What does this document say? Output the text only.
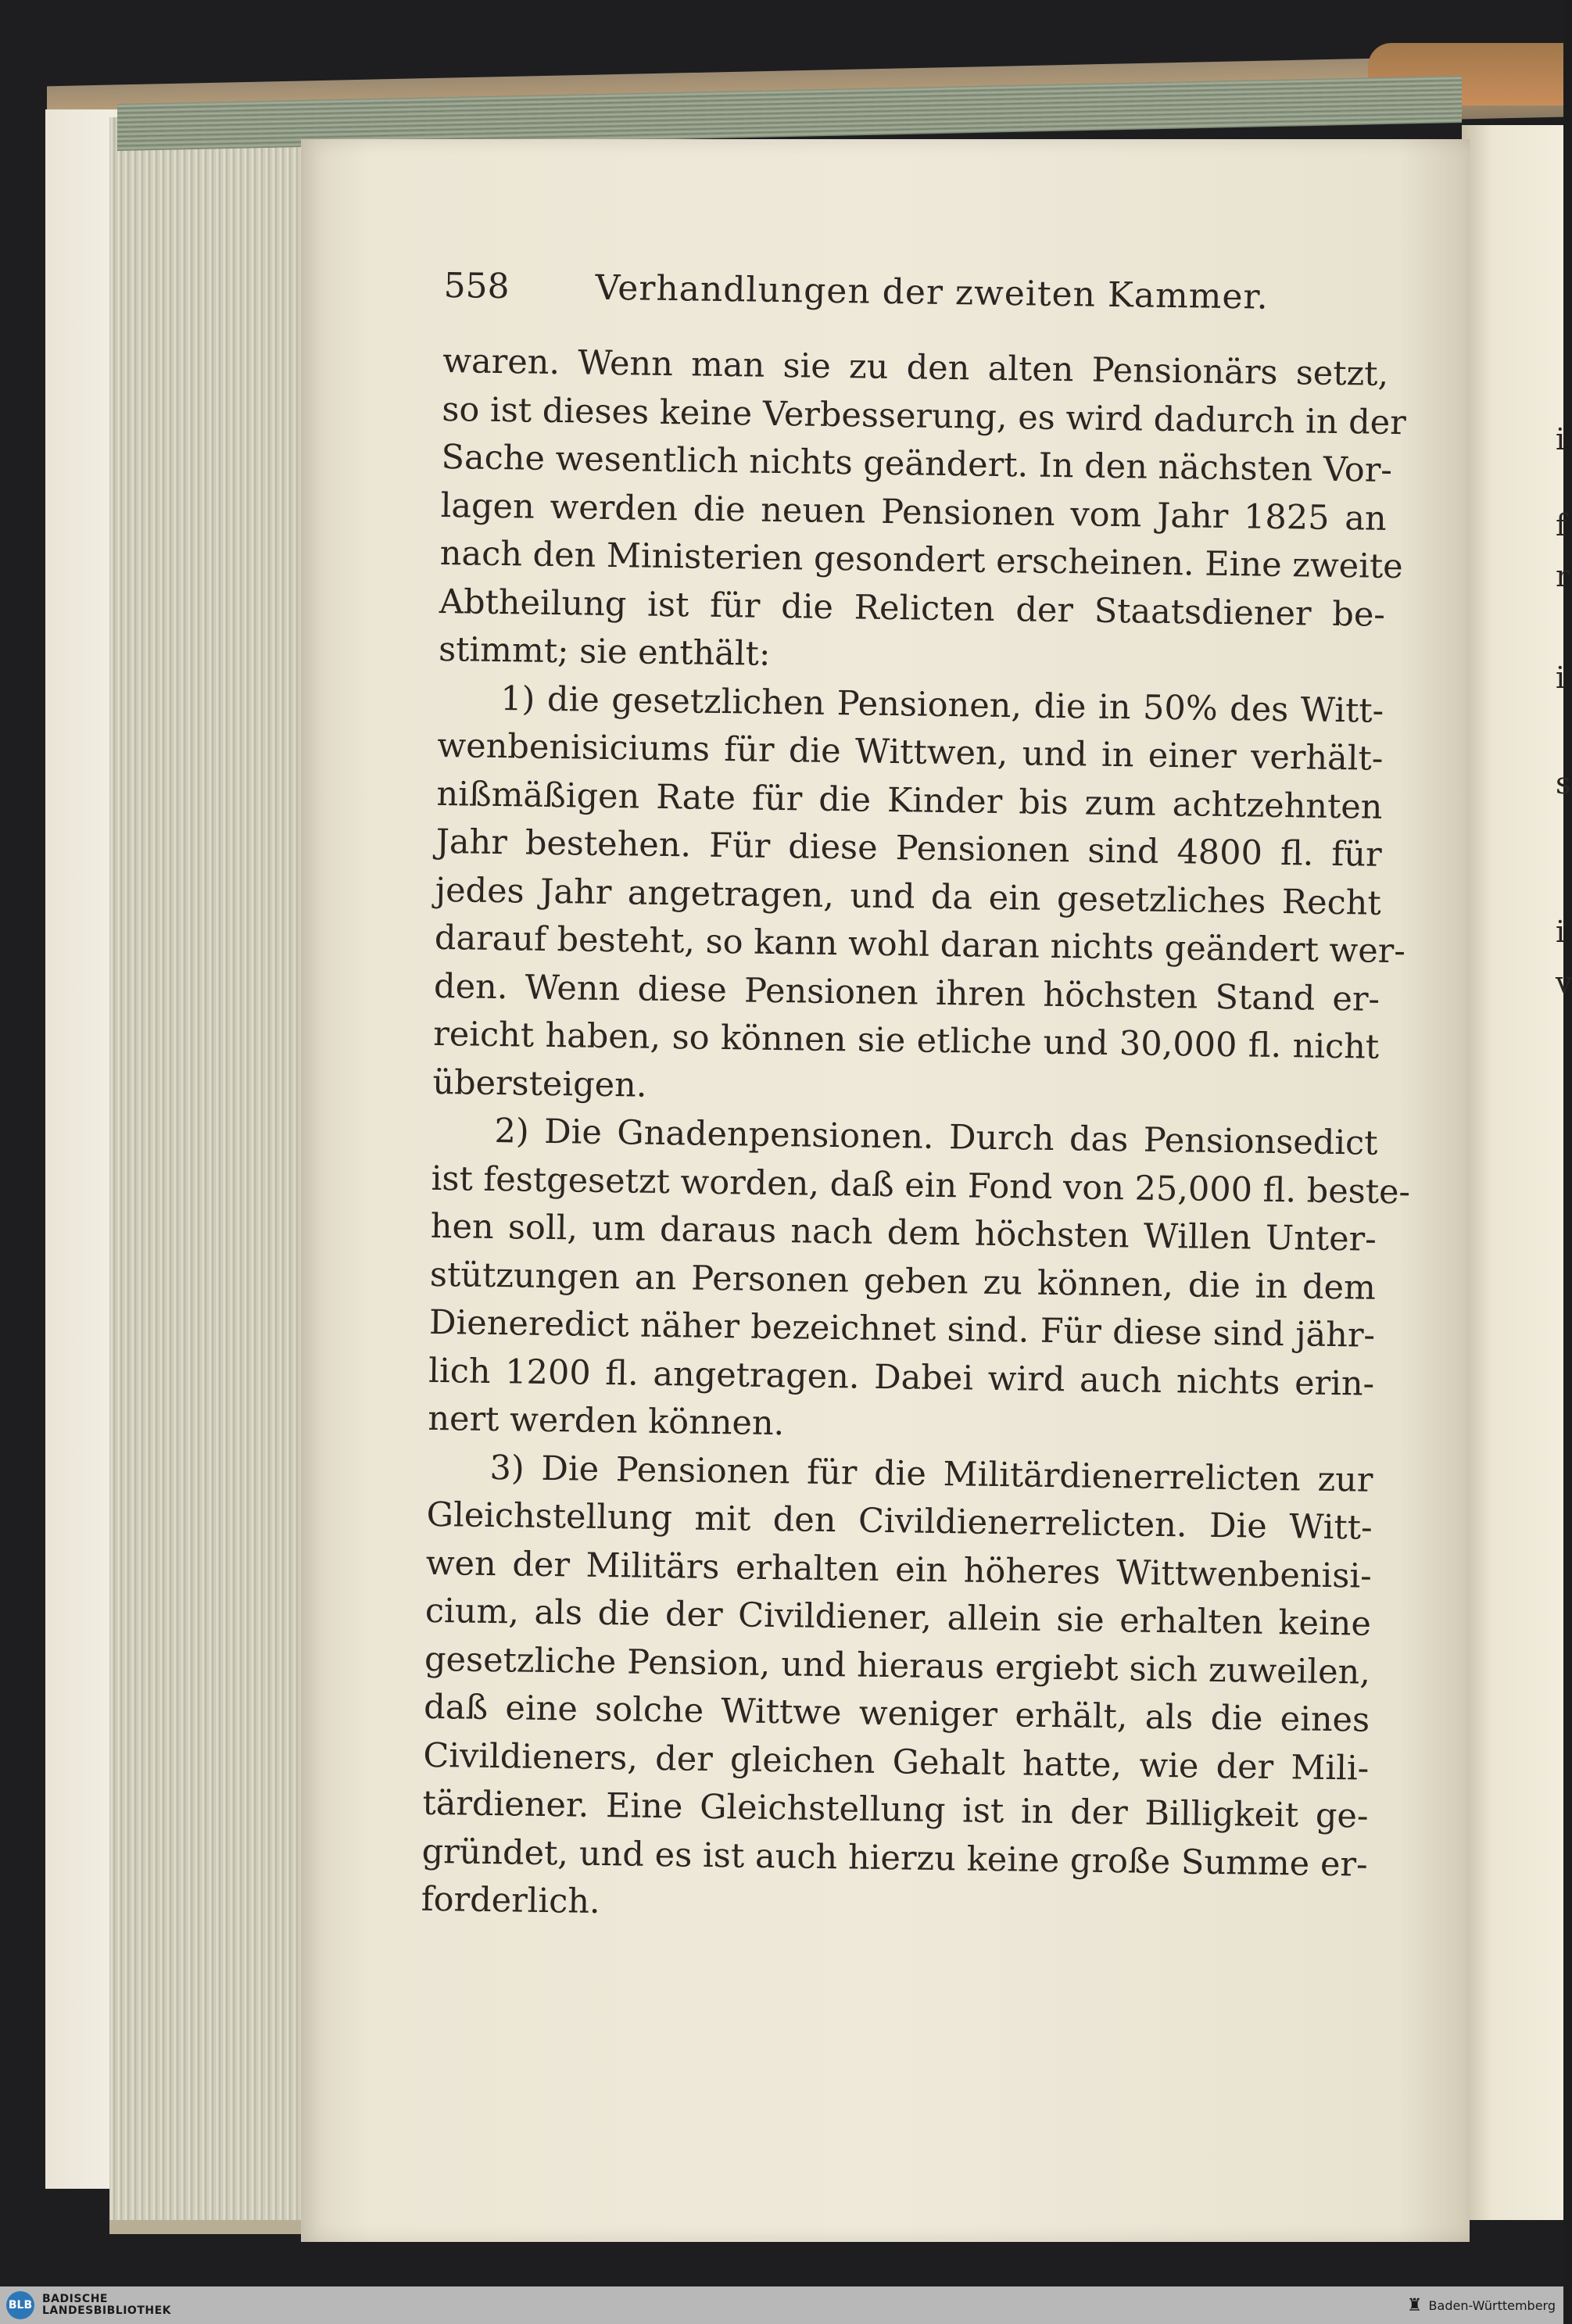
558 Verhandlungen der zweiten Kammer.
waren. Wenn man sie zu den alten Pensionärs setzt,
so ist dieses keine Verbesserung, es wird dadurch in der
Sache wesentlich nichts geändert. In den nächsten Vor-
lagen werden die neuen Pensionen vom Jahr 1825 an
nach den Ministerien gesondert erscheinen. Eine zweite
Abtheilung ist für die Relicten der Staatsdiener be-
stimmt; sie enthält:
1) die gesetzlichen Pensionen, die in 50% des Witt-
wenbenisiciums für die Wittwen, und in einer verhält-
nißmäßigen Rate für die Kinder bis zum achtzehnten
Jahr bestehen. Für diese Pensionen sind 4800 fl. für
jedes Jahr angetragen, und da ein gesetzliches Recht
darauf besteht, so kann wohl daran nichts geändert wer-
den. Wenn diese Pensionen ihren höchsten Stand er-
reicht haben, so können sie etliche und 30,000 fl. nicht
übersteigen.
2) Die Gnadenpensionen. Durch das Pensionsedict
ist festgesetzt worden, daß ein Fond von 25,000 fl. beste-
hen soll, um daraus nach dem höchsten Willen Unter-
stützungen an Personen geben zu können, die in dem
Dieneredict näher bezeichnet sind. Für diese sind jähr-
lich 1200 fl. angetragen. Dabei wird auch nichts erin-
nert werden können.
3) Die Pensionen für die Militärdienerrelicten zur
Gleichstellung mit den Civildienerrelicten. Die Witt-
wen der Militärs erhalten ein höheres Wittwenbenisi-
cium, als die der Civildiener, allein sie erhalten keine
gesetzliche Pension, und hieraus ergiebt sich zuweilen,
daß eine solche Wittwe weniger erhält, als die eines
Civildieners, der gleichen Gehalt hatte, wie der Mili-
tärdiener. Eine Gleichstellung ist in der Billigkeit ge-
gründet, und es ist auch hierzu keine große Summe er-
forderlich.
i
f
r
i
s
i
v
BLB BADISCHE
LANDESBIBLIOTHEK	♜ Baden-Württemberg
